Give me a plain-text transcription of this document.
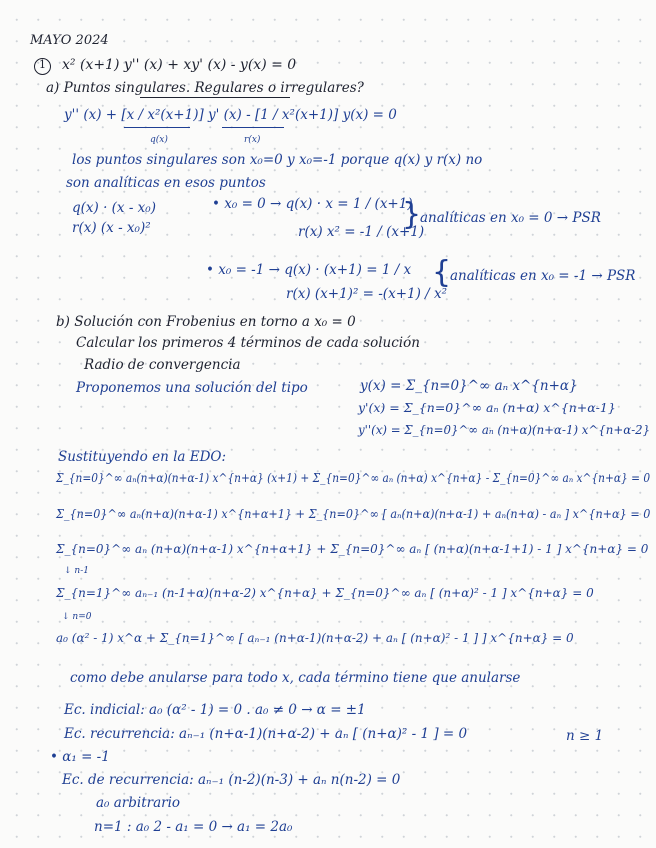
MAYO 2024
1 x² (x+1) y'' (x) + xy' (x) - y(x) = 0
a) Puntos singulares. Regulares o irregulares?
y'' (x) + [x / x²(x+1)] y' (x) - [1 / x²(x+1)] y(x) = 0
q(x)	r(x)
los puntos singulares son x₀=0 y x₀=-1 porque q(x) y r(x) no
son analíticas en esos puntos
q(x) · (x - x₀)
r(x) (x - x₀)²
• x₀ = 0 → q(x) · x = 1 / (x+1)
r(x) x² = -1 / (x+1)
}
analíticas en x₀ = 0 → PSR
• x₀ = -1 → q(x) · (x+1) = 1 / x
r(x) (x+1)² = -(x+1) / x²
{
analíticas en x₀ = -1 → PSR
b) Solución con Frobenius en torno a x₀ = 0
Calcular los primeros 4 términos de cada solución
Radio de convergencia
Proponemos una solución del tipo	y(x) = Σ_{n=0}^∞ aₙ x^{n+α}
y'(x) = Σ_{n=0}^∞ aₙ (n+α) x^{n+α-1}
y''(x) = Σ_{n=0}^∞ aₙ (n+α)(n+α-1) x^{n+α-2}
Sustituyendo en la EDO:
Σ_{n=0}^∞ aₙ(n+α)(n+α-1) x^{n+α} (x+1) + Σ_{n=0}^∞ aₙ (n+α) x^{n+α} - Σ_{n=0}^∞ aₙ x^{n+α} = 0
Σ_{n=0}^∞ aₙ(n+α)(n+α-1) x^{n+α+1} + Σ_{n=0}^∞ [ aₙ(n+α)(n+α-1) + aₙ(n+α) - aₙ ] x^{n+α} = 0
Σ_{n=0}^∞ aₙ (n+α)(n+α-1) x^{n+α+1} + Σ_{n=0}^∞ aₙ [ (n+α)(n+α-1+1) - 1 ] x^{n+α} = 0
↓ n-1
Σ_{n=1}^∞ aₙ₋₁ (n-1+α)(n+α-2) x^{n+α} + Σ_{n=0}^∞ aₙ [ (n+α)² - 1 ] x^{n+α} = 0
↓ n=0
a₀ (α² - 1) x^α + Σ_{n=1}^∞ [ aₙ₋₁ (n+α-1)(n+α-2) + aₙ [ (n+α)² - 1 ] ] x^{n+α} = 0
como debe anularse para todo x, cada término tiene que anularse
Ec. indicial: a₀ (α² - 1) = 0 . a₀ ≠ 0 → α = ±1
Ec. recurrencia: aₙ₋₁ (n+α-1)(n+α-2) + aₙ [ (n+α)² - 1 ] = 0	n ≥ 1
• α₁ = -1
Ec. de recurrencia: aₙ₋₁ (n-2)(n-3) + aₙ n(n-2) = 0
a₀ arbitrario
n=1 : a₀ 2 - a₁ = 0 → a₁ = 2a₀
